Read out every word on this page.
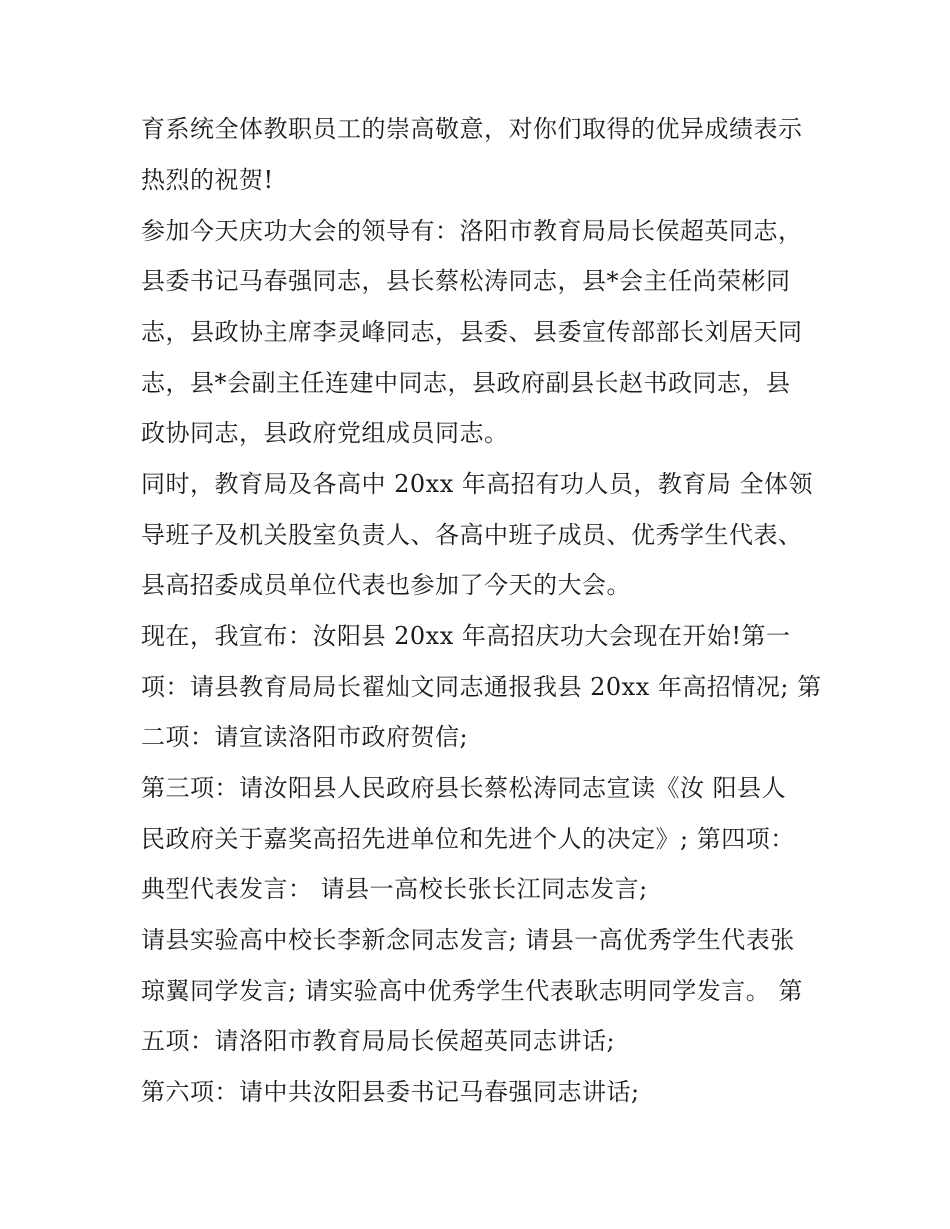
育系统全体教职员工的崇高敬意，对你们取得的优异成绩表示
热烈的祝贺!
参加今天庆功大会的领导有：洛阳市教育局局长侯超英同志，
县委书记马春强同志，县长蔡松涛同志，县*会主任尚荣彬同
志，县政协主席李灵峰同志，县委、县委宣传部部长刘居天同
志，县*会副主任连建中同志，县政府副县长赵书政同志，县
政协同志，县政府党组成员同志。
同时，教育局及各高中 20xx 年高招有功人员，教育局 全体领
导班子及机关股室负责人、各高中班子成员、优秀学生代表、
县高招委成员单位代表也参加了今天的大会。
现在，我宣布：汝阳县 20xx 年高招庆功大会现在开始!第一
项：请县教育局局长翟灿文同志通报我县 20xx 年高招情况; 第
二项：请宣读洛阳市政府贺信;
第三项：请汝阳县人民政府县长蔡松涛同志宣读《汝 阳县人
民政府关于嘉奖高招先进单位和先进个人的决定》; 第四项：
典型代表发言： 请县一高校长张长江同志发言;
请县实验高中校长李新念同志发言; 请县一高优秀学生代表张
琼翼同学发言; 请实验高中优秀学生代表耿志明同学发言。 第
五项：请洛阳市教育局局长侯超英同志讲话;
第六项：请中共汝阳县委书记马春强同志讲话;
